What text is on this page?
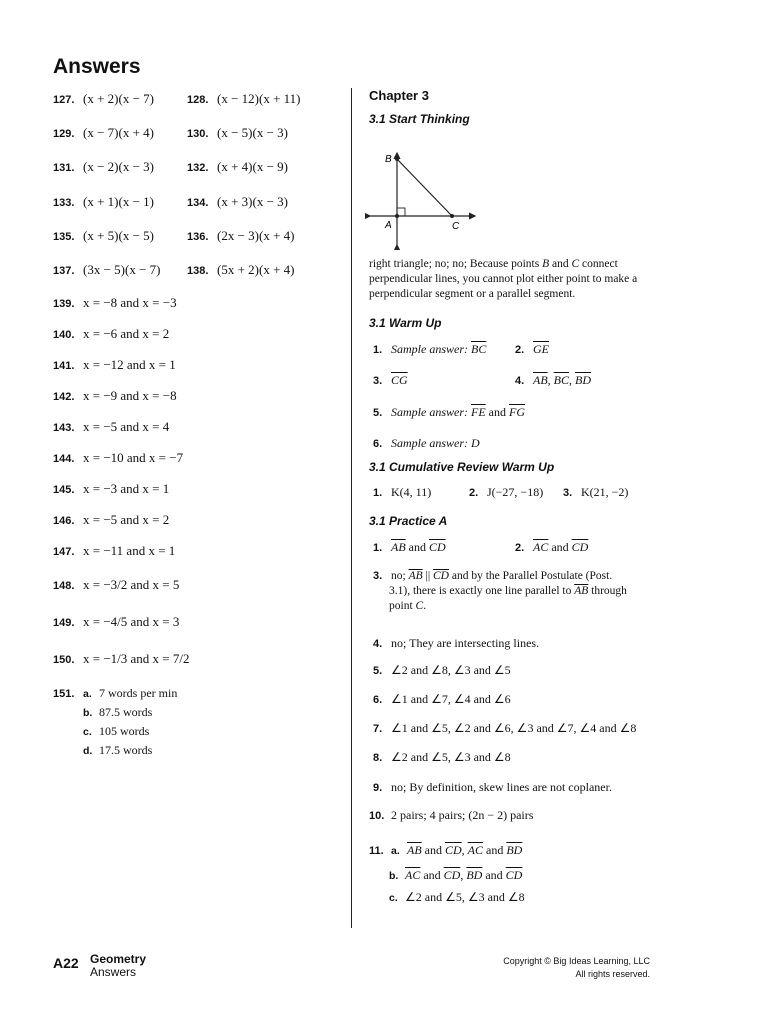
Answers
127. (x + 2)(x − 7)	128. (x − 12)(x + 11)
129. (x − 7)(x + 4)	130. (x − 5)(x − 3)
131. (x − 2)(x − 3)	132. (x + 4)(x − 9)
133. (x + 1)(x − 1)	134. (x + 3)(x − 3)
135. (x + 5)(x − 5)	136. (2x − 3)(x + 4)
137. (3x − 5)(x − 7) 138. (5x + 2)(x + 4)
139. x = −8 and x = −3
140. x = −6 and x = 2
141. x = −12 and x = 1
142. x = −9 and x = −8
143. x = −5 and x = 4
144. x = −10 and x = −7
145. x = −3 and x = 1
146. x = −5 and x = 2
147. x = −11 and x = 1
148. x = −3/2 and x = 5
149. x = −4/5 and x = 3
150. x = −1/3 and x = 7/2
151. a. 7 words per min
b. 87.5 words
c. 105 words
d. 17.5 words
Chapter 3
3.1 Start Thinking
B
A	C
right triangle; no; no; Because points B and C connect perpendicular lines, you cannot plot either point to make a perpendicular segment or a parallel segment.
3.1 Warm Up
1. Sample answer: $\overline{BC}$	2. $\overline{GE}$
3. $\overline{CG}$	4. $\overline{AB}$, $\overline{BC}$, $\overline{BD}$
5. Sample answer: $\overline{FE}$ and $\overline{FG}$
6. Sample answer: D
3.1 Cumulative Review Warm Up
1. K(4, 11)	2. J(−27, −18) 3. K(21, −2)
3.1 Practice A
1. $\overline{AB}$ and $\overline{CD}$	2. $\overline{AC}$ and $\overline{CD}$
3. no; $\overline{AB}$ || $\overline{CD}$ and by the Parallel Postulate (Post.
3.1), there is exactly one line parallel to $\overline{AB}$ through
point C.
4. no; They are intersecting lines.
5. ∠2 and ∠8, ∠3 and ∠5
6. ∠1 and ∠7, ∠4 and ∠6
7. ∠1 and ∠5, ∠2 and ∠6, ∠3 and ∠7, ∠4 and ∠8
8. ∠2 and ∠5, ∠3 and ∠8
9. no; By definition, skew lines are not coplaner.
10. 2 pairs; 4 pairs; (2n − 2) pairs
11. a. $\overline{AB}$ and $\overline{CD}$, $\overline{AC}$ and $\overline{BD}$
b. $\overline{AC}$ and $\overline{CD}$, $\overline{BD}$ and $\overline{CD}$
c. ∠2 and ∠5, ∠3 and ∠8
A22 Geometry
Answers
Copyright © Big Ideas Learning, LLC
All rights reserved.
